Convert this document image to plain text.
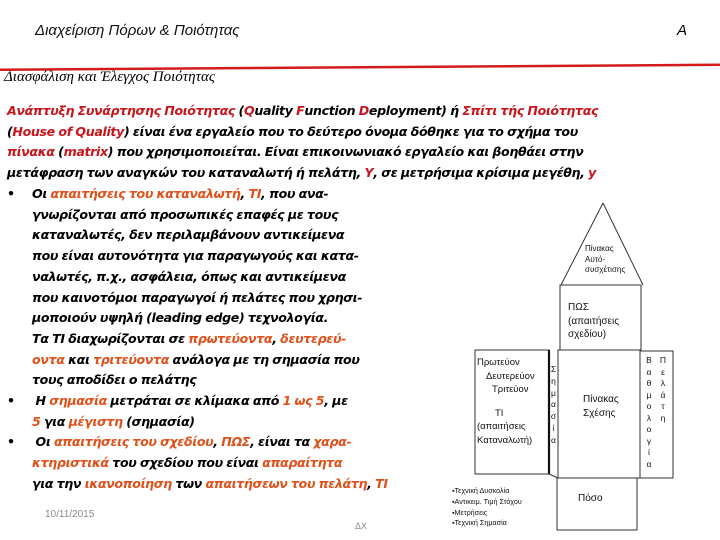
Διαχείριση Πόρων & Ποιότητας	Α
Διασφάλιση και Έλεγχος Ποιότητας
Ανάπτυξη Συνάρτησης Ποιότητας (Quality Function Deployment) ή Σπίτι τής Ποιότητας
(House of Quality) είναι ένα εργαλείο που το δεύτερο όνομα δόθηκε για το σχήμα του
πίνακα (matrix) που χρησιμοποιείται. Είναι επικοινωνιακό εργαλείο και βοηθάει στην
μετάφραση των αναγκών του καταναλωτή ή πελάτη, Y, σε μετρήσιμα κρίσιμα μεγέθη, y
• Οι απαιτήσεις του καταναλωτή, TI, που ανα-
γνωρίζονται από προσωπικές επαφές με τους
καταναλωτές, δεν περιλαμβάνουν αντικείμενα
που είναι αυτονότητα για παραγωγούς και κατα-
ναλωτές, π.χ., ασφάλεια, όπως και αντικείμενα
που καινοτόμοι παραγωγοί ή πελάτες που χρησι-
μοποιούν υψηλή (leading edge) τεχνολογία.
Τα TI διαχωρίζονται σε πρωτεύοντα, δευτερεύ-
οντα και τριτεύοντα ανάλογα με τη σημασία που
τους αποδίδει ο πελάτης
• Η σημασία μετράται σε κλίμακα από 1 ως 5, με
5 για μέγιστη (σημασία)
• Οι απαιτήσεις του σχεδίου, ΠΩΣ, είναι τα χαρα-
κτηριστικά του σχεδίου που είναι απαραίτητα
για την ικανοποίηση των απαιτήσεων του πελάτη, TI
10/11/2015
ΔΧ
Πίνακας
Αυτό-
συσχέτισης
ΠΩΣ
(απαιτήσεις
σχεδίου)
Πρωτεύον
Δευτερεύον
Τριτεύον
TI
(απαιτήσεις
Καταναλωτή)
Σ
η
μ
α
σ
ί
α
Πίνακας
Σχέσης
Β
α
θ
μ
ο
λ
ο
γ
ί
α
Π
ε
λ
ά
τ
η
Πόσο
▪Τεχνική Δυσκολία
▪Αντικειμ. Τιμή Στόχου
▪Μετρήσεις
▪Τεχνική Σημασία
